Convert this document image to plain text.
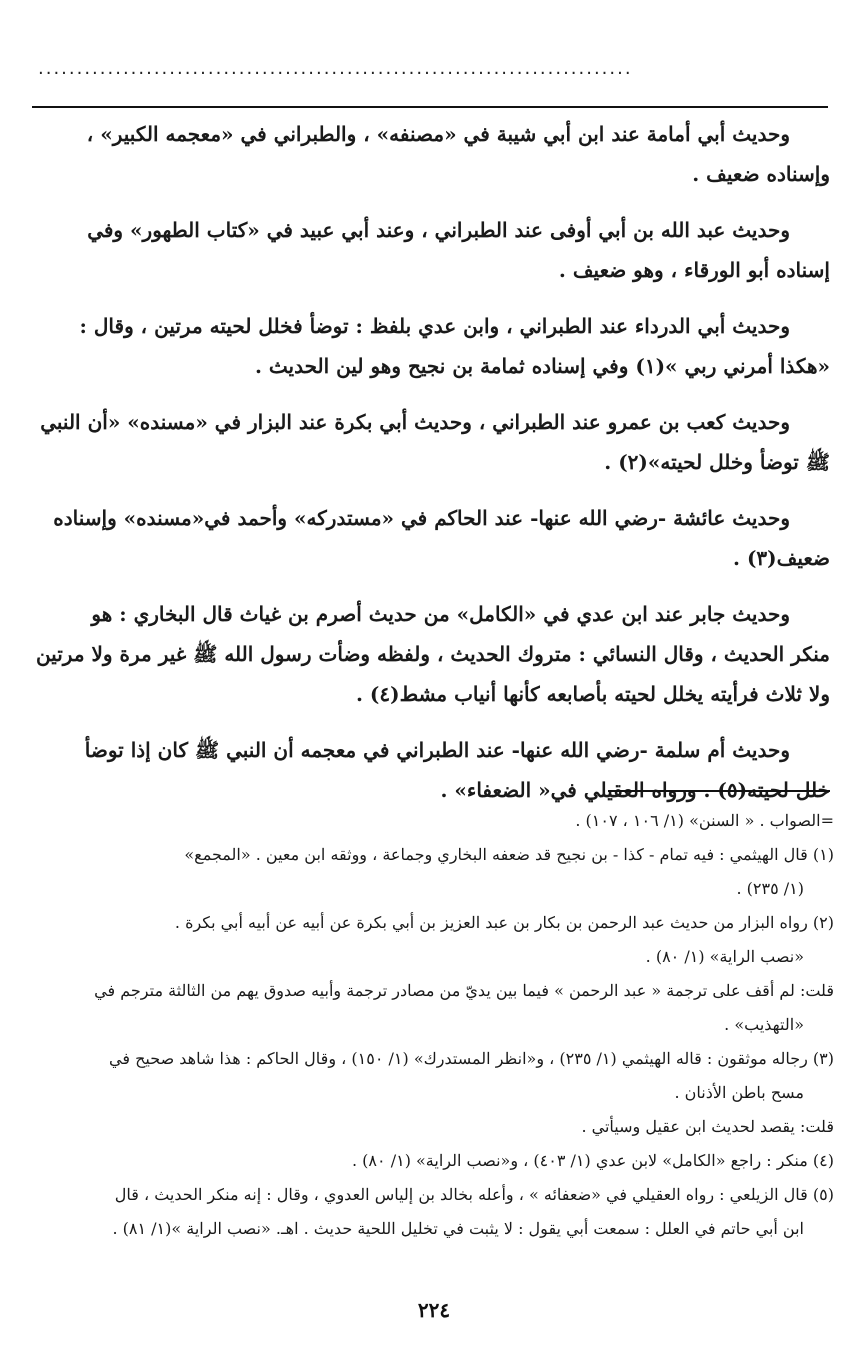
.............................................................................

وحديث أبي أمامة عند ابن أبي شيبة في «مصنفه» ، والطبراني في «معجمه الكبير» ،
وإسناده ضعيف .

وحديث عبد الله بن أبي أوفى عند الطبراني ، وعند أبي عبيد في «كتاب الطهور» وفي
إسناده أبو الورقاء ، وهو ضعيف .

وحديث أبي الدرداء عند الطبراني ، وابن عدي بلفظ : توضأ فخلل لحيته مرتين ، وقال :
«هكذا أمرني ربي »(١) وفي إسناده ثمامة بن نجيح وهو لين الحديث .

وحديث كعب بن عمرو عند الطبراني ، وحديث أبي بكرة عند البزار في «مسنده» «أن النبي
ﷺ توضأ وخلل لحيته»(٢) .

وحديث عائشة -رضي الله عنها- عند الحاكم في «مستدركه» وأحمد في«مسنده» وإسناده
ضعيف(٣) .

وحديث جابر عند ابن عدي في «الكامل» من حديث أصرم بن غياث قال البخاري : هو
منكر الحديث ، وقال النسائي : متروك الحديث ، ولفظه وضأت رسول الله ﷺ غير مرة ولا مرتين
ولا ثلاث فرأيته يخلل لحيته بأصابعه كأنها أنياب مشط(٤) .

وحديث أم سلمة -رضي الله عنها- عند الطبراني في معجمه أن النبي ﷺ كان إذا توضأ
خلل لحيته(٥) . ورواه العقيلي في« الضعفاء» .

=الصواب . « السنن» (١/ ١٠٦ ، ١٠٧) .

(١) قال الهيثمي : فيه تمام - كذا - بن نجيح قد ضعفه البخاري وجماعة ، ووثقه ابن معين . «المجمع»
(١/ ٢٣٥) .

(٢) رواه البزار من حديث عبد الرحمن بن بكار بن عبد العزيز بن أبي بكرة عن أبيه عن أبيه أبي بكرة .
«نصب الراية» (١/ ٨٠) .

قلت: لم أقف على ترجمة « عبد الرحمن » فيما بين يديّ من مصادر ترجمة وأبيه صدوق يهم من الثالثة مترجم في
«التهذيب» .

(٣) رجاله موثقون : قاله الهيثمي (١/ ٢٣٥) ، و«انظر المستدرك» (١/ ١٥٠) ، وقال الحاكم : هذا شاهد صحيح في
مسح باطن الأذنان .

قلت: يقصد لحديث ابن عقيل وسيأتي .

(٤) منكر : راجع «الكامل» لابن عدي (١/ ٤٠٣) ، و«نصب الراية» (١/ ٨٠) .

(٥) قال الزيلعي : رواه العقيلي في «ضعفائه » ، وأعله بخالد بن إلياس العدوي ، وقال : إنه منكر الحديث ، قال
ابن أبي حاتم في العلل : سمعت أبي يقول : لا يثبت في تخليل اللحية حديث . اهـ. «نصب الراية »(١/ ٨١) .

٢٢٤
